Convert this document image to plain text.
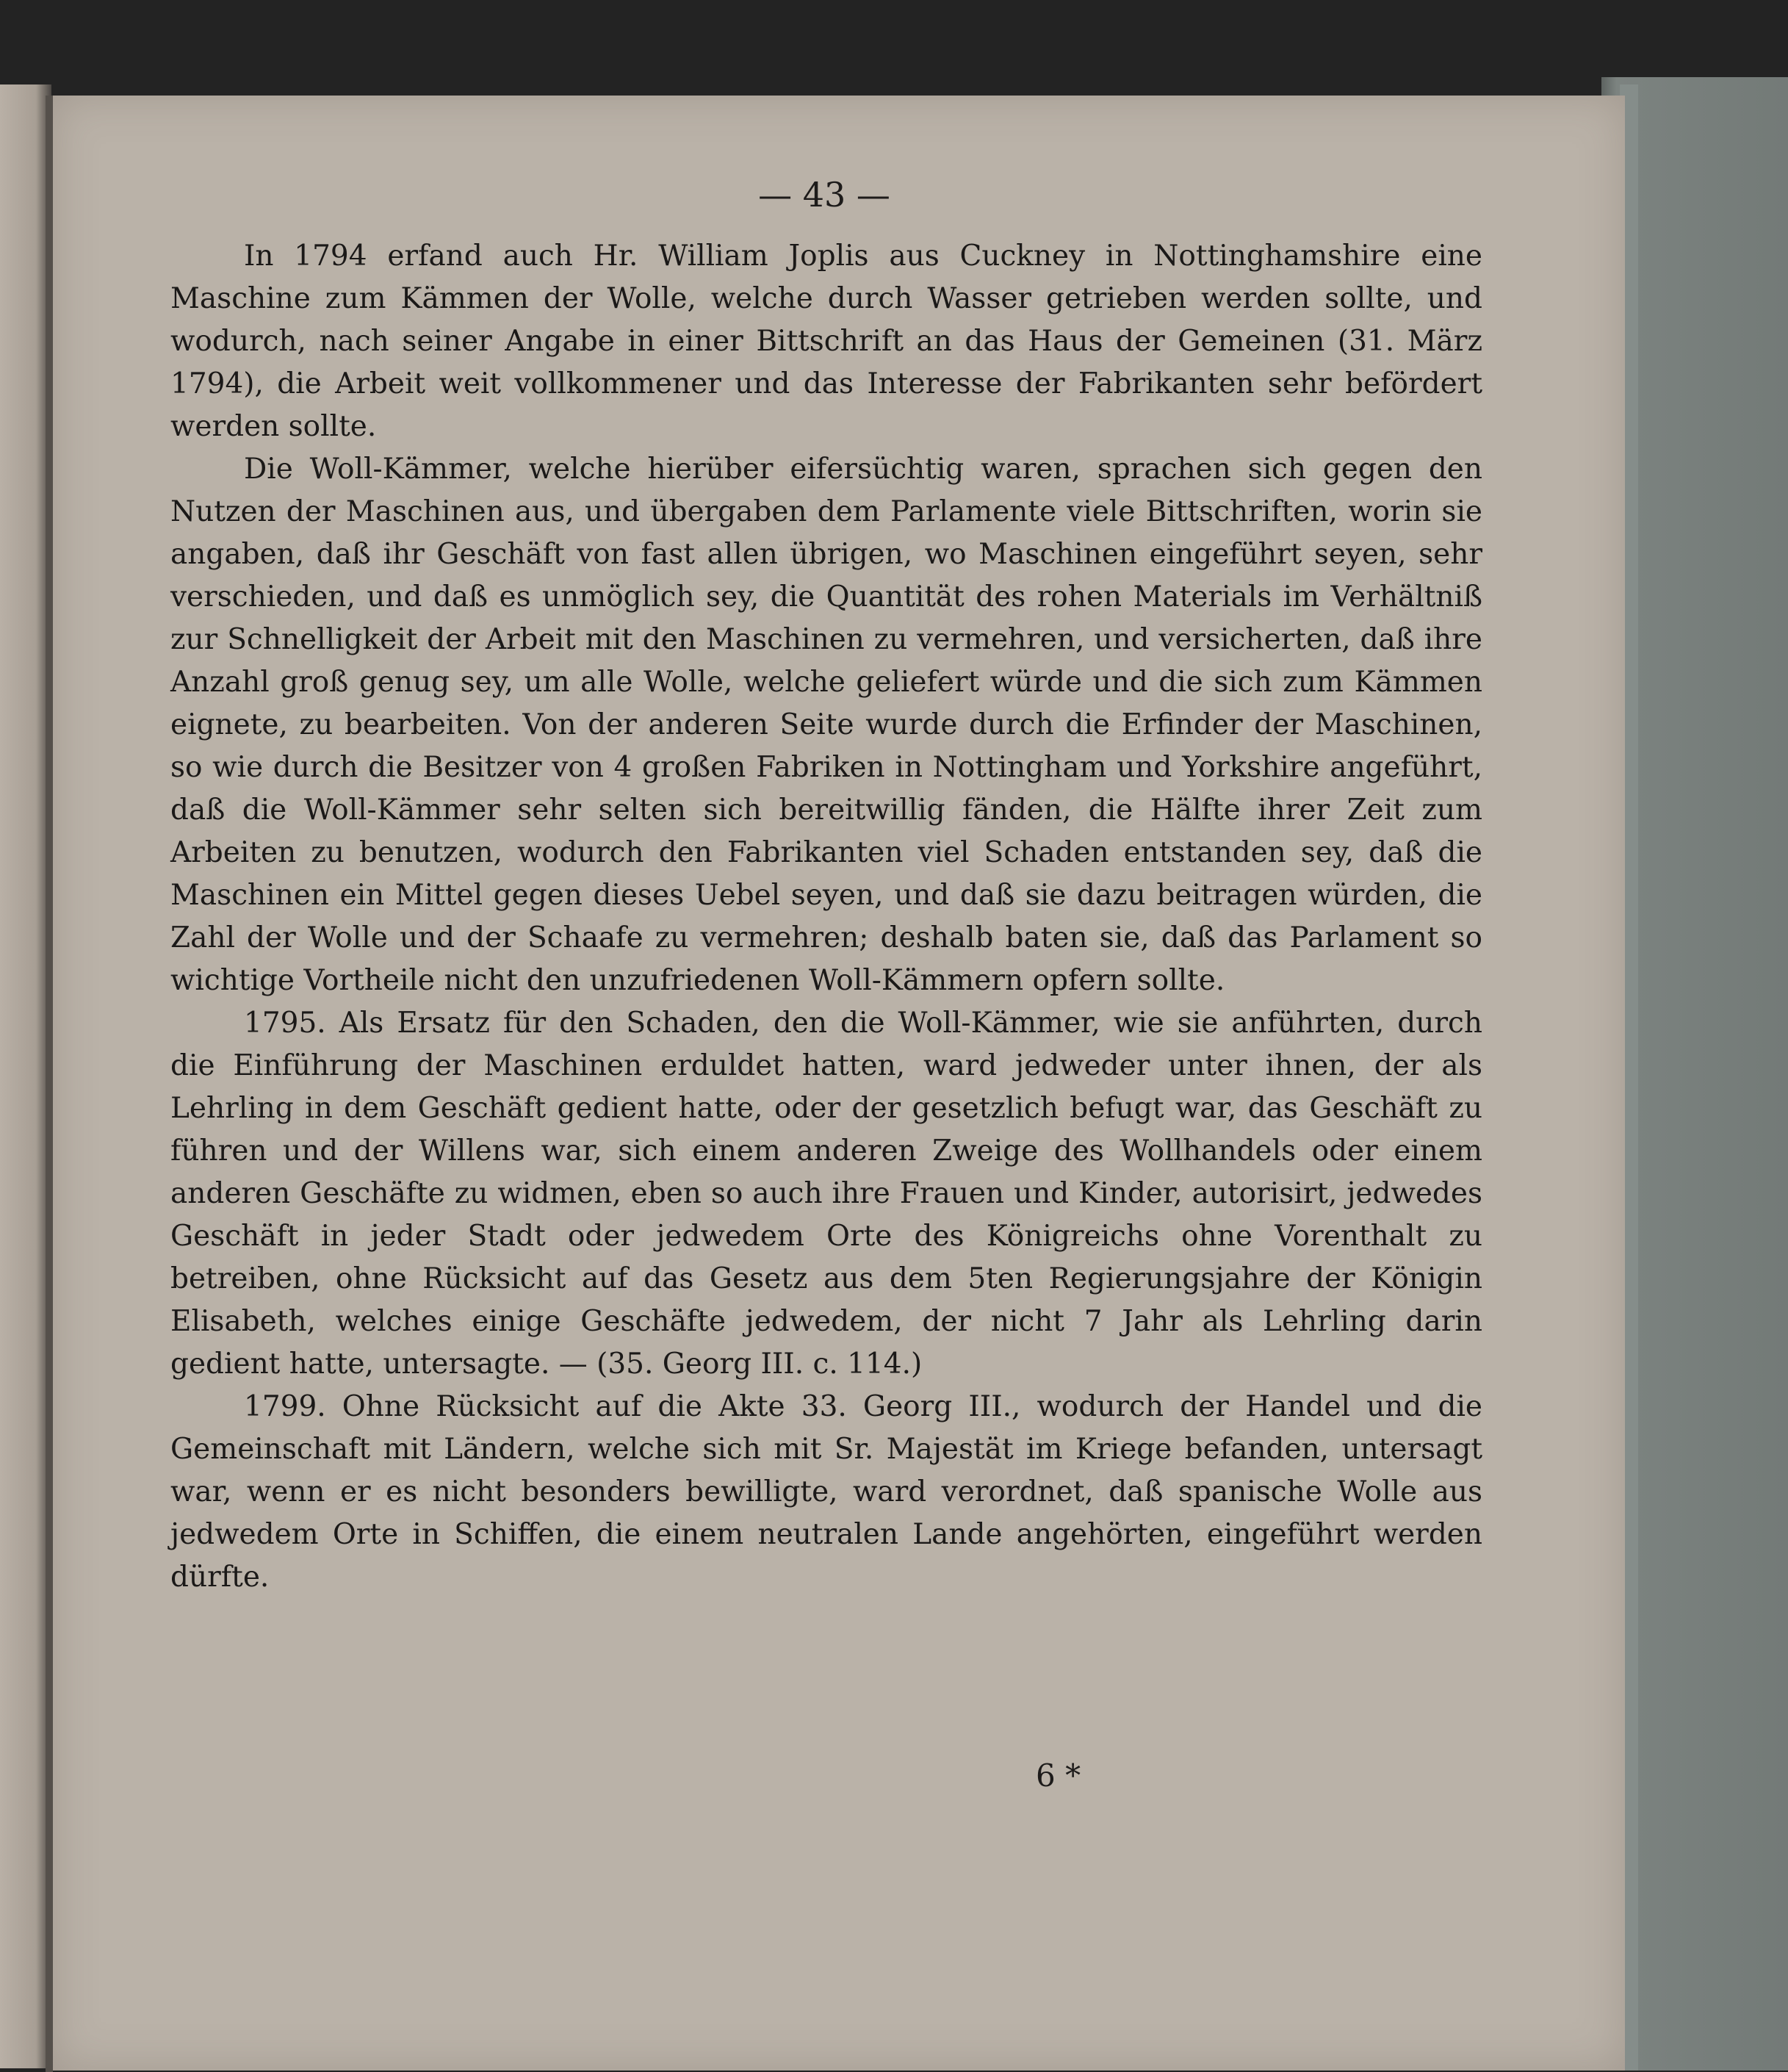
— 43 —

In 1794 erfand auch Hr. William Joplis aus Cuckney in Nottinghamshire eine Maschine zum Kämmen der Wolle, welche durch Wasser getrieben werden sollte, und wodurch, nach seiner Angabe in einer Bittschrift an das Haus der Gemeinen (31. März 1794), die Arbeit weit vollkommener und das Interesse der Fabrikanten sehr befördert werden sollte.

Die Woll-Kämmer, welche hierüber eifersüchtig waren, sprachen sich gegen den Nutzen der Maschinen aus, und übergaben dem Parlamente viele Bittschriften, worin sie angaben, daß ihr Geschäft von fast allen übrigen, wo Maschinen eingeführt seyen, sehr verschieden, und daß es unmöglich sey, die Quantität des rohen Materials im Verhältniß zur Schnelligkeit der Arbeit mit den Maschinen zu vermehren, und versicherten, daß ihre Anzahl groß genug sey, um alle Wolle, welche geliefert würde und die sich zum Kämmen eignete, zu bearbeiten. Von der anderen Seite wurde durch die Erfinder der Maschinen, so wie durch die Besitzer von 4 großen Fabriken in Nottingham und Yorkshire angeführt, daß die Woll-Kämmer sehr selten sich bereitwillig fänden, die Hälfte ihrer Zeit zum Arbeiten zu benutzen, wodurch den Fabrikanten viel Schaden entstanden sey, daß die Maschinen ein Mittel gegen dieses Uebel seyen, und daß sie dazu beitragen würden, die Zahl der Wolle und der Schaafe zu vermehren; deshalb baten sie, daß das Parlament so wichtige Vortheile nicht den unzufriedenen Woll-Kämmern opfern sollte.

1795. Als Ersatz für den Schaden, den die Woll-Kämmer, wie sie anführten, durch die Einführung der Maschinen erduldet hatten, ward jedweder unter ihnen, der als Lehrling in dem Geschäft gedient hatte, oder der gesetzlich befugt war, das Geschäft zu führen und der Willens war, sich einem anderen Zweige des Wollhandels oder einem anderen Geschäfte zu widmen, eben so auch ihre Frauen und Kinder, autorisirt, jedwedes Geschäft in jeder Stadt oder jedwedem Orte des Königreichs ohne Vorenthalt zu betreiben, ohne Rücksicht auf das Gesetz aus dem 5ten Regierungsjahre der Königin Elisabeth, welches einige Geschäfte jedwedem, der nicht 7 Jahr als Lehrling darin gedient hatte, untersagte. — (35. Georg III. c. 114.)

1799. Ohne Rücksicht auf die Akte 33. Georg III., wodurch der Handel und die Gemeinschaft mit Ländern, welche sich mit Sr. Majestät im Kriege befanden, untersagt war, wenn er es nicht besonders bewilligte, ward verordnet, daß spanische Wolle aus jedwedem Orte in Schiffen, die einem neutralen Lande angehörten, eingeführt werden dürfte.

6 *
